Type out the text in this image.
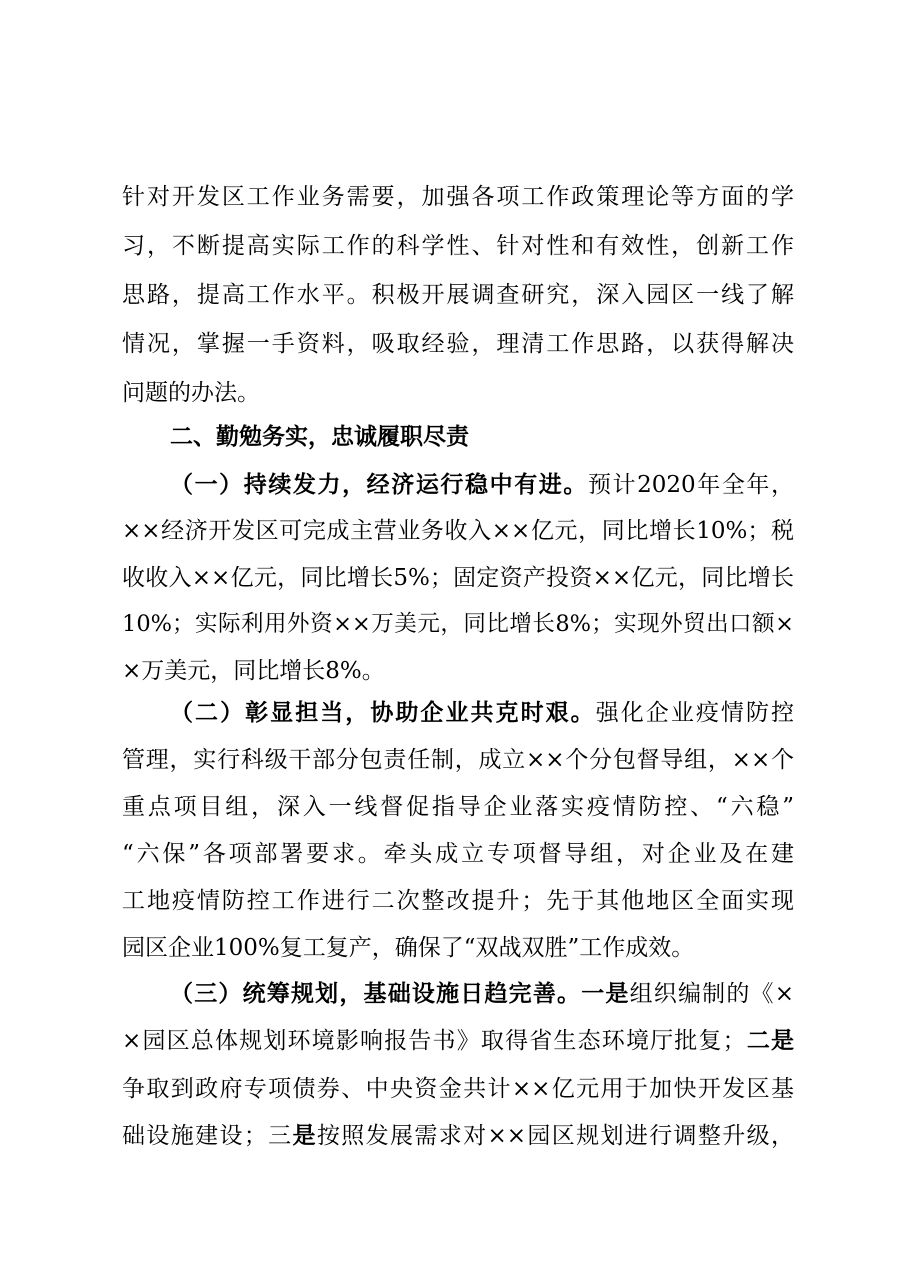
针对开发区工作业务需要，加强各项工作政策理论等方面的学
习，不断提高实际工作的科学性、针对性和有效性，创新工作
思路，提高工作水平。积极开展调查研究，深入园区一线了解
情况，掌握一手资料，吸取经验，理清工作思路，以获得解决
问题的办法。
二、勤勉务实，忠诚履职尽责
（一）持续发力，经济运行稳中有进。预计2020年全年，
××经济开发区可完成主营业务收入××亿元，同比增长10%；税
收收入××亿元，同比增长5%；固定资产投资××亿元，同比增长
10%；实际利用外资××万美元，同比增长8%；实现外贸出口额×
×万美元，同比增长8%。
（二）彰显担当，协助企业共克时艰。强化企业疫情防控
管理，实行科级干部分包责任制，成立××个分包督导组，××个
重点项目组，深入一线督促指导企业落实疫情防控、“六稳”
“六保”各项部署要求。牵头成立专项督导组，对企业及在建
工地疫情防控工作进行二次整改提升；先于其他地区全面实现
园区企业100%复工复产，确保了“双战双胜”工作成效。
（三）统筹规划，基础设施日趋完善。一是组织编制的《×
×园区总体规划环境影响报告书》取得省生态环境厅批复；二是
争取到政府专项债券、中央资金共计××亿元用于加快开发区基
础设施建设；三是按照发展需求对××园区规划进行调整升级，
